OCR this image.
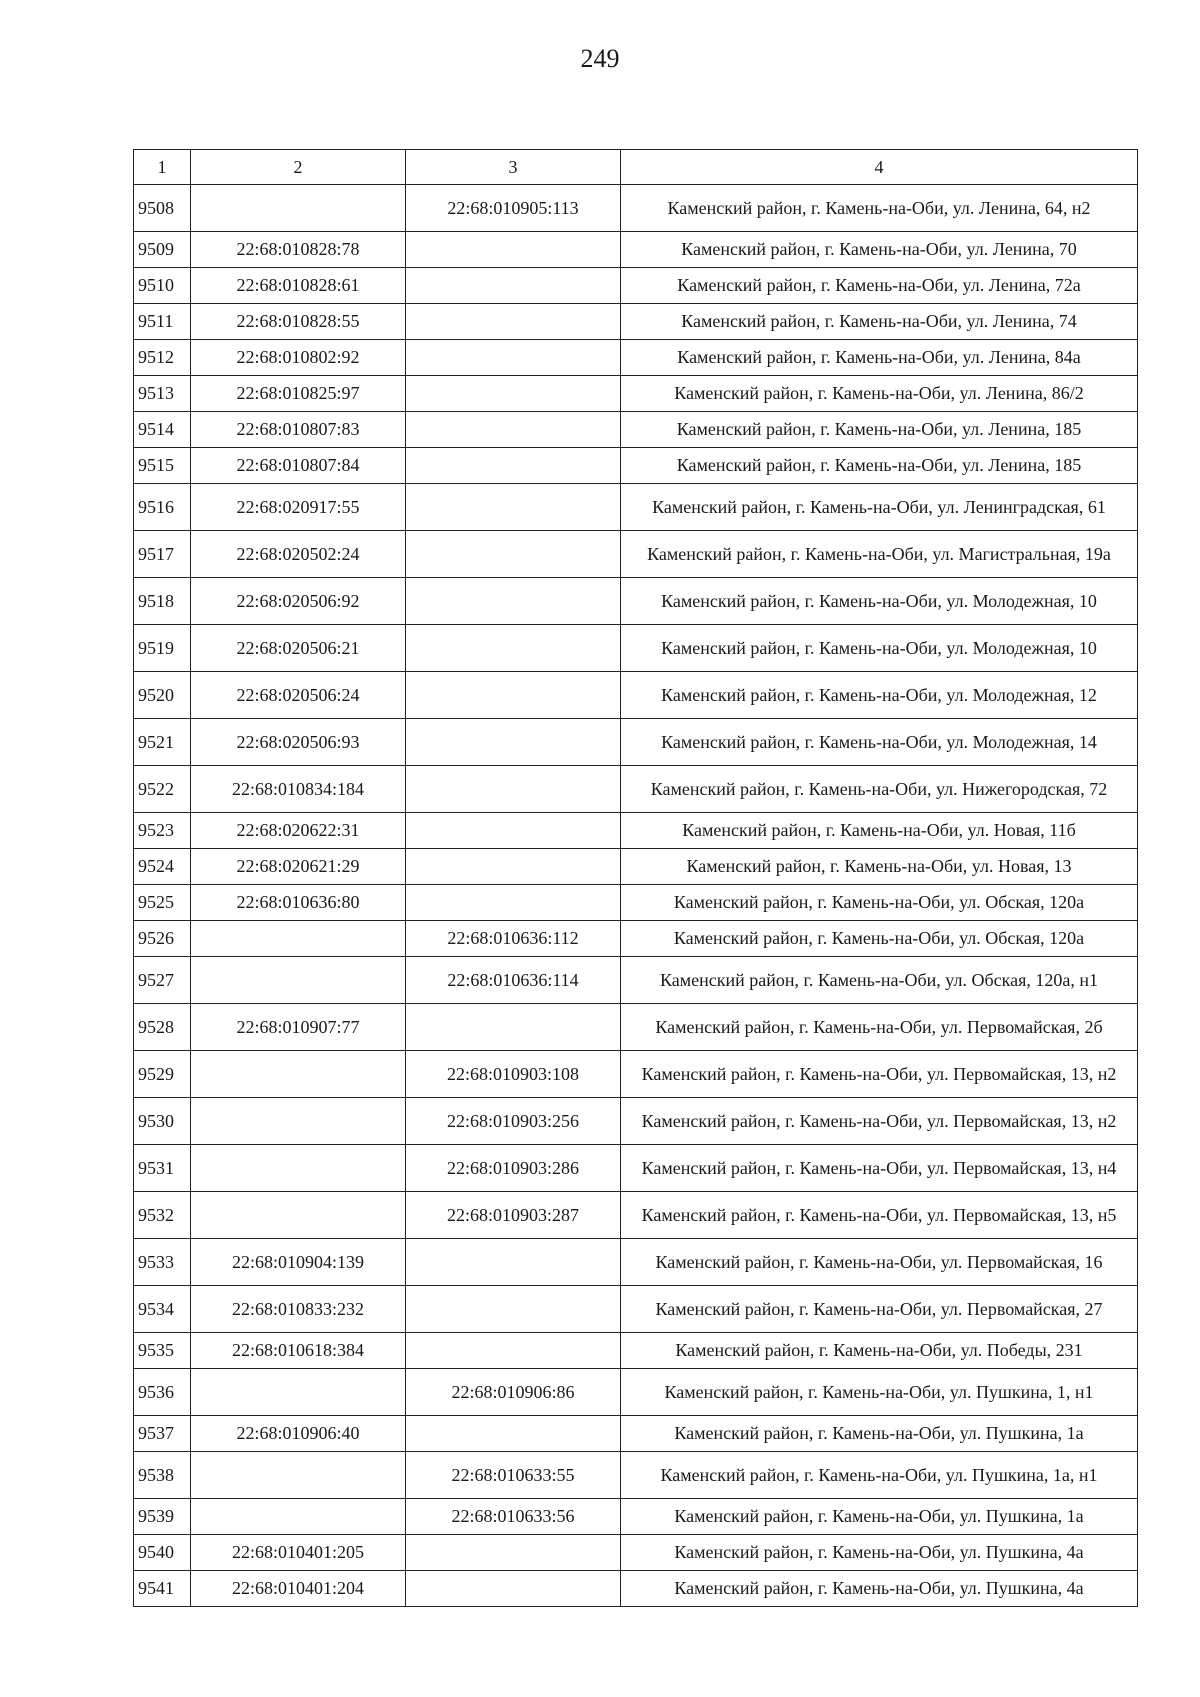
249
1	2	3	4
9508		22:68:010905:113	Каменский район, г. Камень-на-Оби, ул. Ленина, 64, н2
9509	22:68:010828:78		Каменский район, г. Камень-на-Оби, ул. Ленина, 70
9510	22:68:010828:61		Каменский район, г. Камень-на-Оби, ул. Ленина, 72а
9511	22:68:010828:55		Каменский район, г. Камень-на-Оби, ул. Ленина, 74
9512	22:68:010802:92		Каменский район, г. Камень-на-Оби, ул. Ленина, 84а
9513	22:68:010825:97		Каменский район, г. Камень-на-Оби, ул. Ленина, 86/2
9514	22:68:010807:83		Каменский район, г. Камень-на-Оби, ул. Ленина, 185
9515	22:68:010807:84		Каменский район, г. Камень-на-Оби, ул. Ленина, 185
9516	22:68:020917:55		Каменский район, г. Камень-на-Оби, ул. Ленинградская, 61
9517	22:68:020502:24		Каменский район, г. Камень-на-Оби, ул. Магистральная, 19а
9518	22:68:020506:92		Каменский район, г. Камень-на-Оби, ул. Молодежная, 10
9519	22:68:020506:21		Каменский район, г. Камень-на-Оби, ул. Молодежная, 10
9520	22:68:020506:24		Каменский район, г. Камень-на-Оби, ул. Молодежная, 12
9521	22:68:020506:93		Каменский район, г. Камень-на-Оби, ул. Молодежная, 14
9522	22:68:010834:184		Каменский район, г. Камень-на-Оби, ул. Нижегородская, 72
9523	22:68:020622:31		Каменский район, г. Камень-на-Оби, ул. Новая, 11б
9524	22:68:020621:29		Каменский район, г. Камень-на-Оби, ул. Новая, 13
9525	22:68:010636:80		Каменский район, г. Камень-на-Оби, ул. Обская, 120а
9526		22:68:010636:112	Каменский район, г. Камень-на-Оби, ул. Обская, 120а
9527		22:68:010636:114	Каменский район, г. Камень-на-Оби, ул. Обская, 120а, н1
9528	22:68:010907:77		Каменский район, г. Камень-на-Оби, ул. Первомайская, 2б
9529		22:68:010903:108	Каменский район, г. Камень-на-Оби, ул. Первомайская, 13, н2
9530		22:68:010903:256	Каменский район, г. Камень-на-Оби, ул. Первомайская, 13, н2
9531		22:68:010903:286	Каменский район, г. Камень-на-Оби, ул. Первомайская, 13, н4
9532		22:68:010903:287	Каменский район, г. Камень-на-Оби, ул. Первомайская, 13, н5
9533	22:68:010904:139		Каменский район, г. Камень-на-Оби, ул. Первомайская, 16
9534	22:68:010833:232		Каменский район, г. Камень-на-Оби, ул. Первомайская, 27
9535	22:68:010618:384		Каменский район, г. Камень-на-Оби, ул. Победы, 231
9536		22:68:010906:86	Каменский район, г. Камень-на-Оби, ул. Пушкина, 1, н1
9537	22:68:010906:40		Каменский район, г. Камень-на-Оби, ул. Пушкина, 1а
9538		22:68:010633:55	Каменский район, г. Камень-на-Оби, ул. Пушкина, 1а, н1
9539		22:68:010633:56	Каменский район, г. Камень-на-Оби, ул. Пушкина, 1а
9540	22:68:010401:205		Каменский район, г. Камень-на-Оби, ул. Пушкина, 4а
9541	22:68:010401:204		Каменский район, г. Камень-на-Оби, ул. Пушкина, 4а
